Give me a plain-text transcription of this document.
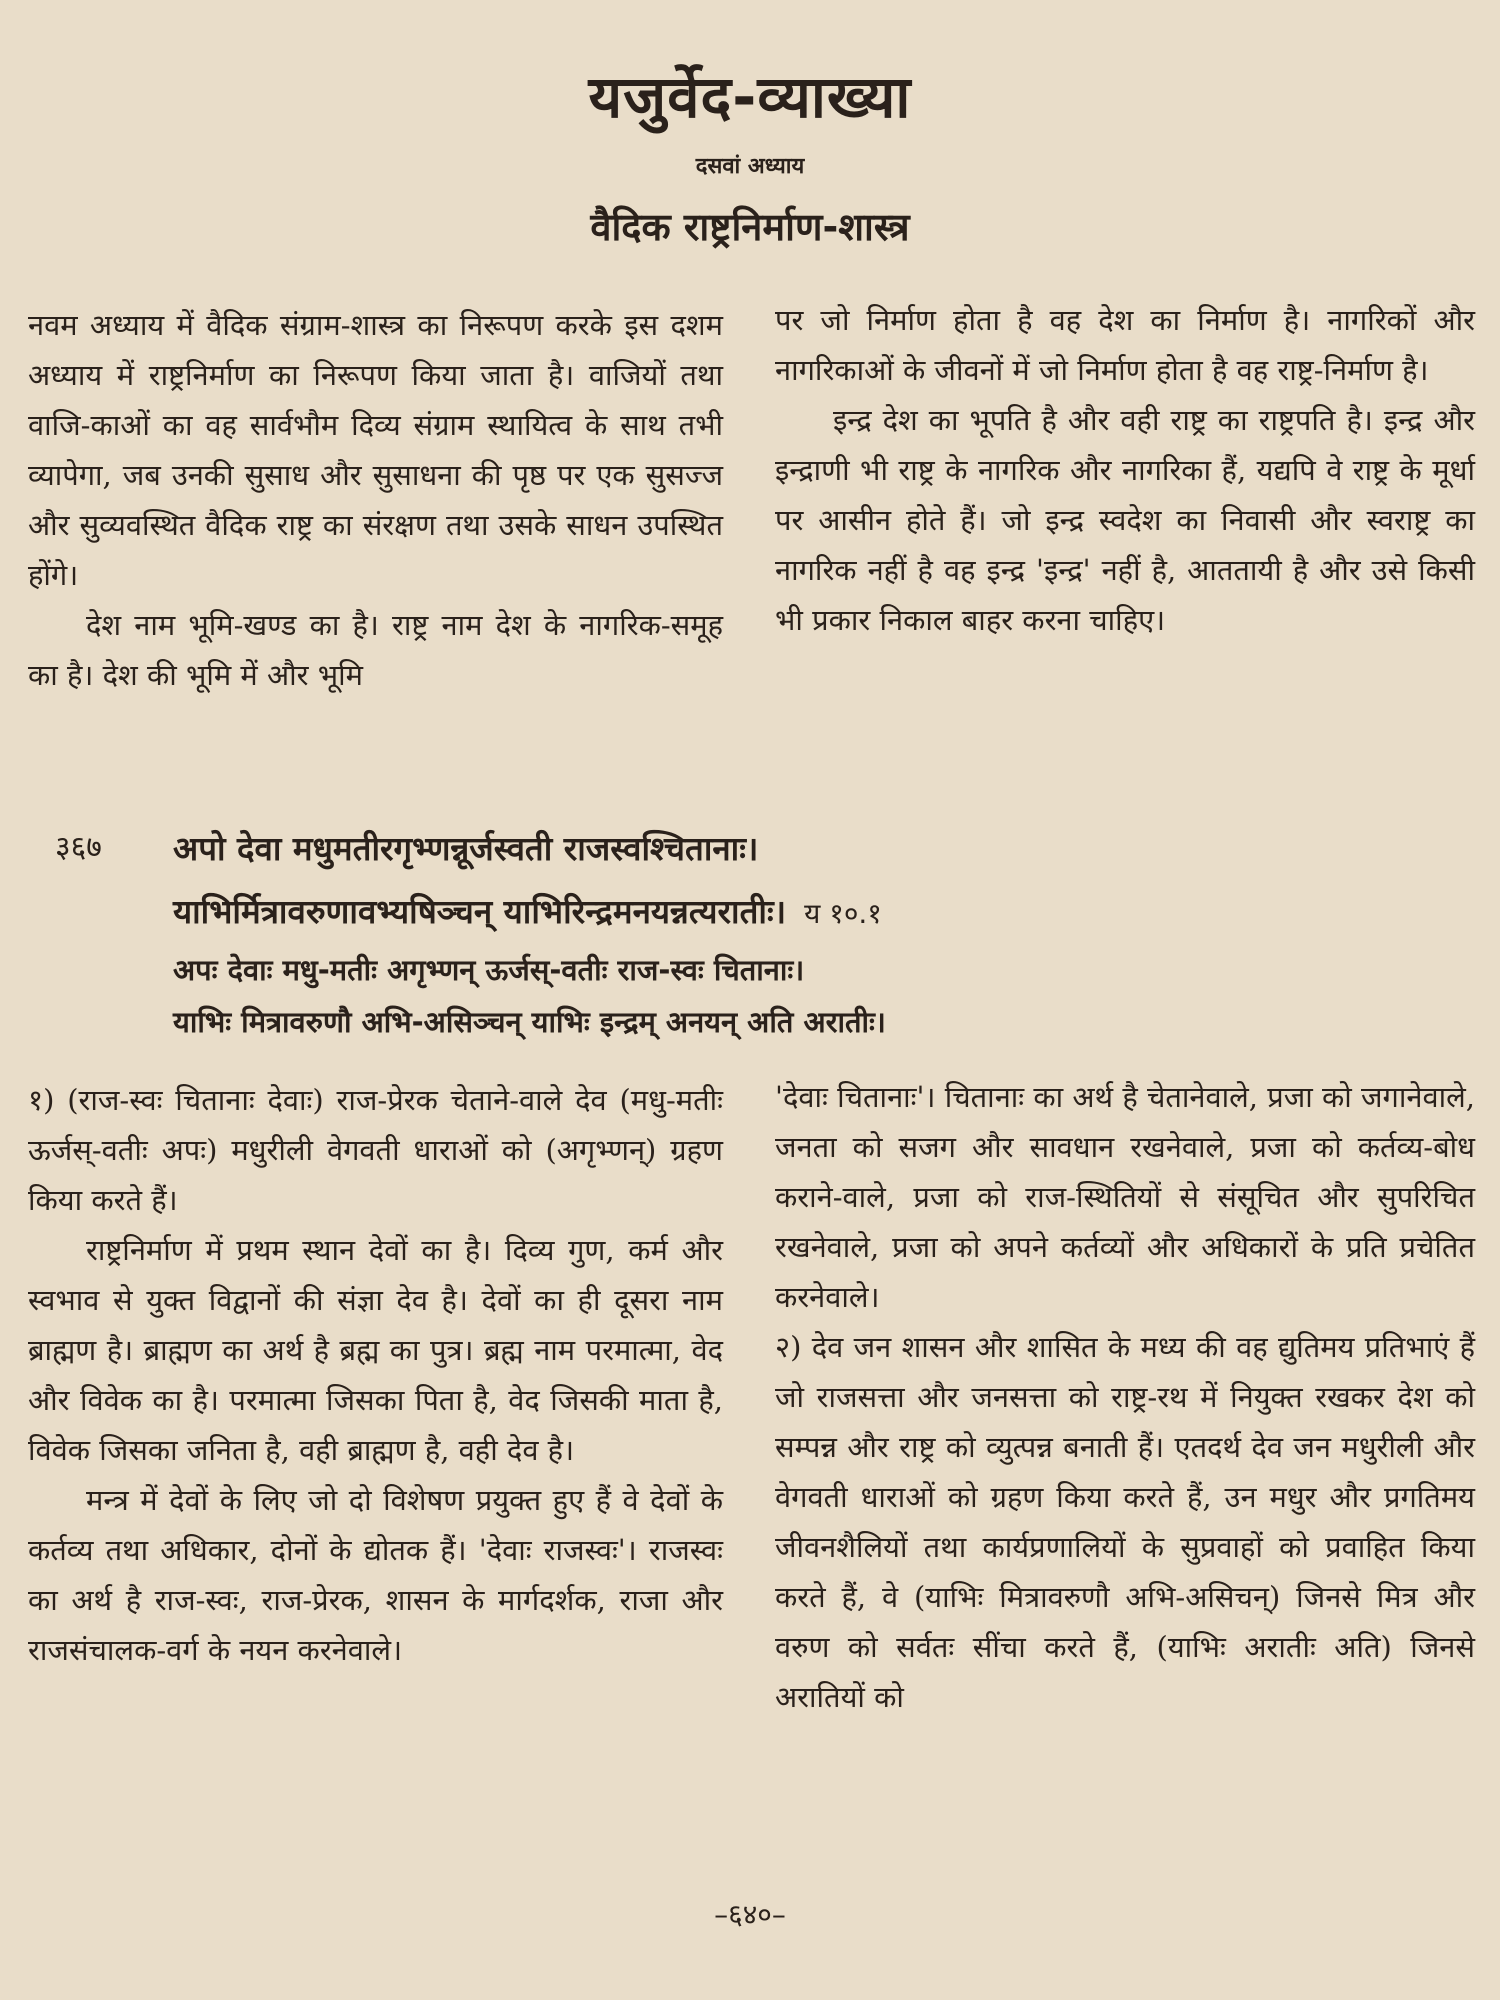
यजुर्वेद-व्याख्या
दसवां अध्याय
वैदिक राष्ट्रनिर्माण-शास्त्र

नवम अध्याय में वैदिक संग्राम-शास्त्र का निरूपण करके इस दशम अध्याय में राष्ट्रनिर्माण का निरूपण किया जाता है। वाजियों तथा वाजि-काओं का वह सार्वभौम दिव्य संग्राम स्थायित्व के साथ तभी व्यापेगा, जब उनकी सुसाध और सुसाधना की पृष्ठ पर एक सुसज्ज और सुव्यवस्थित वैदिक राष्ट्र का संरक्षण तथा उसके साधन उपस्थित होंगे।

देश नाम भूमि-खण्ड का है। राष्ट्र नाम देश के नागरिक-समूह का है। देश की भूमि में और भूमि

पर जो निर्माण होता है वह देश का निर्माण है। नागरिकों और नागरिकाओं के जीवनों में जो निर्माण होता है वह राष्ट्र-निर्माण है।

इन्द्र देश का भूपति है और वही राष्ट्र का राष्ट्रपति है। इन्द्र और इन्द्राणी भी राष्ट्र के नागरिक और नागरिका हैं, यद्यपि वे राष्ट्र के मूर्धा पर आसीन होते हैं। जो इन्द्र स्वदेश का निवासी और स्वराष्ट्र का नागरिक नहीं है वह इन्द्र 'इन्द्र' नहीं है, आततायी है और उसे किसी भी प्रकार निकाल बाहर करना चाहिए।

३६७ अपो देवा मधुमतीरगृभ्णन्नूर्जस्वती राजस्वश्चितानाः।
याभिर्मित्रावरुणावभ्यषिञ्चन् याभिरिन्द्रमनयन्नत्यरातीः। य १०.१
अपः देवाः मधु-मतीः अगृभ्णन् ऊर्जस्-वतीः राज-स्वः चितानाः।
याभिः मित्रावरुणौ अभि-असिञ्चन् याभिः इन्द्रम् अनयन् अति अरातीः।

१) (राज-स्वः चितानाः देवाः) राज-प्रेरक चेताने-वाले देव (मधु-मतीः ऊर्जस्-वतीः अपः) मधुरीली वेगवती धाराओं को (अगृभ्णन्) ग्रहण किया करते हैं।

राष्ट्रनिर्माण में प्रथम स्थान देवों का है। दिव्य गुण, कर्म और स्वभाव से युक्त विद्वानों की संज्ञा देव है। देवों का ही दूसरा नाम ब्राह्मण है। ब्राह्मण का अर्थ है ब्रह्म का पुत्र। ब्रह्म नाम परमात्मा, वेद और विवेक का है। परमात्मा जिसका पिता है, वेद जिसकी माता है, विवेक जिसका जनिता है, वही ब्राह्मण है, वही देव है।

मन्त्र में देवों के लिए जो दो विशेषण प्रयुक्त हुए हैं वे देवों के कर्तव्य तथा अधिकार, दोनों के द्योतक हैं। 'देवाः राजस्वः'। राजस्वः का अर्थ है राज-स्वः, राज-प्रेरक, शासन के मार्गदर्शक, राजा और राजसंचालक-वर्ग के नयन करनेवाले।

'देवाः चितानाः'। चितानाः का अर्थ है चेतानेवाले, प्रजा को जगानेवाले, जनता को सजग और सावधान रखनेवाले, प्रजा को कर्तव्य-बोध कराने-वाले, प्रजा को राज-स्थितियों से संसूचित और सुपरिचित रखनेवाले, प्रजा को अपने कर्तव्यों और अधिकारों के प्रति प्रचेतित करनेवाले।

२) देव जन शासन और शासित के मध्य की वह द्युतिमय प्रतिभाएं हैं जो राजसत्ता और जनसत्ता को राष्ट्र-रथ में नियुक्त रखकर देश को सम्पन्न और राष्ट्र को व्युत्पन्न बनाती हैं। एतदर्थ देव जन मधुरीली और वेगवती धाराओं को ग्रहण किया करते हैं, उन मधुर और प्रगतिमय जीवनशैलियों तथा कार्यप्रणालियों के सुप्रवाहों को प्रवाहित किया करते हैं, वे (याभिः मित्रावरुणौ अभि-असिचन्) जिनसे मित्र और वरुण को सर्वतः सींचा करते हैं, (याभिः अरातीः अति) जिनसे अरातियों को

–६४०–
